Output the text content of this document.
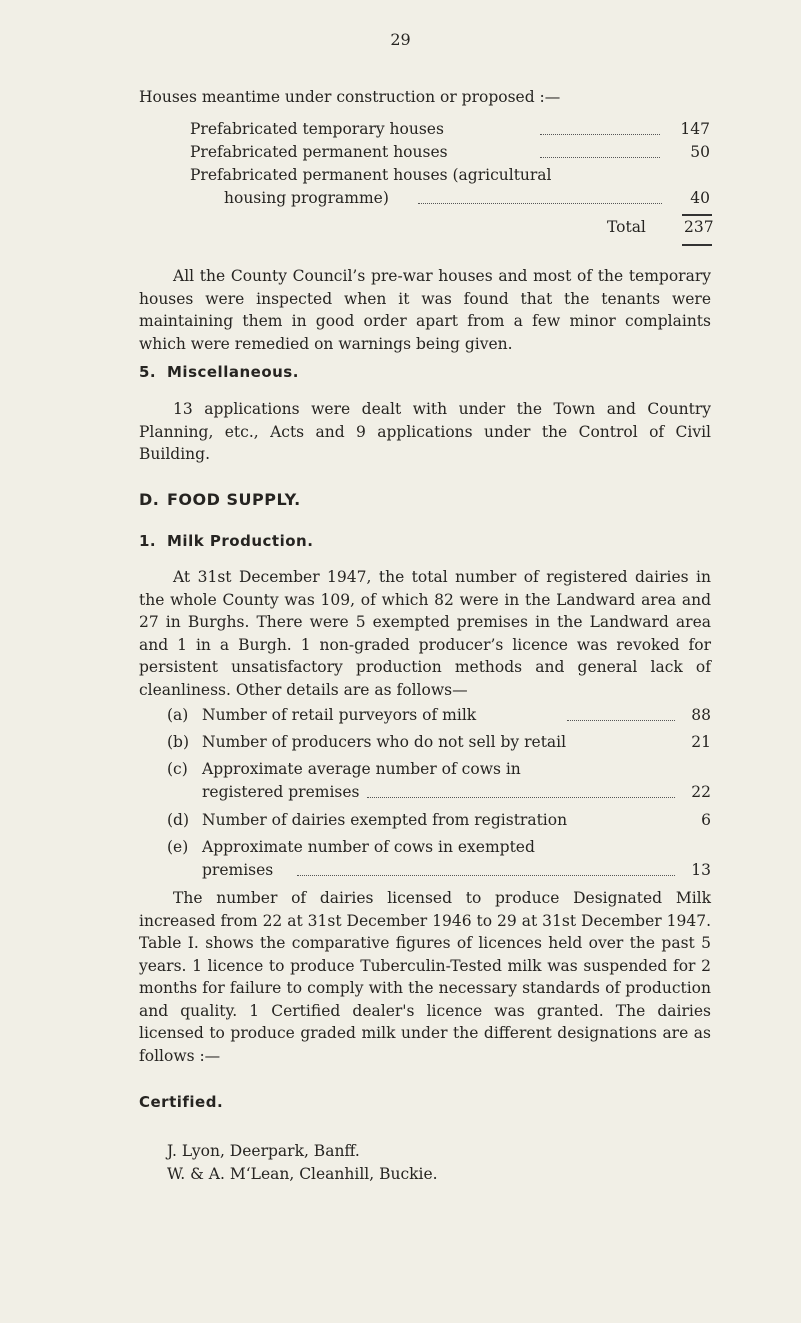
29
Houses meantime under construction or proposed :—
Prefabricated temporary houses	147
Prefabricated permanent houses	50
Prefabricated permanent houses (agricultural
housing programme)	40
Total 237
All the County Council’s pre-war houses and most of the temporary houses were inspected when it was found that the tenants were maintaining them in good order apart from a few minor complaints which were remedied on warnings being given.
5. Miscellaneous.
13 applications were dealt with under the Town and Country Planning, etc., Acts and 9 applications under the Control of Civil Building.
D. FOOD SUPPLY.
1. Milk Production.
At 31st December 1947, the total number of registered dairies in the whole County was 109, of which 82 were in the Landward area and 27 in Burghs. There were 5 exempted premises in the Landward area and 1 in a Burgh. 1 non-graded producer’s licence was revoked for persistent unsatisfactory production methods and general lack of cleanliness. Other details are as follows—
(a) Number of retail purveyors of milk	88
(b) Number of producers who do not sell by retail	21
(c) Approximate average number of cows in
registered premises	22
(d) Number of dairies exempted from registration	6
(e) Approximate number of cows in exempted
premises	13
The number of dairies licensed to produce Designated Milk increased from 22 at 31st December 1946 to 29 at 31st December 1947. Table I. shows the comparative figures of licences held over the past 5 years. 1 licence to produce Tuberculin-Tested milk was suspended for 2 months for failure to comply with the necessary standards of production and quality. 1 Certified dealer's licence was granted. The dairies licensed to produce graded milk under the different designations are as follows :—
Certified.
J. Lyon, Deerpark, Banff.
W. & A. M‘Lean, Cleanhill, Buckie.
